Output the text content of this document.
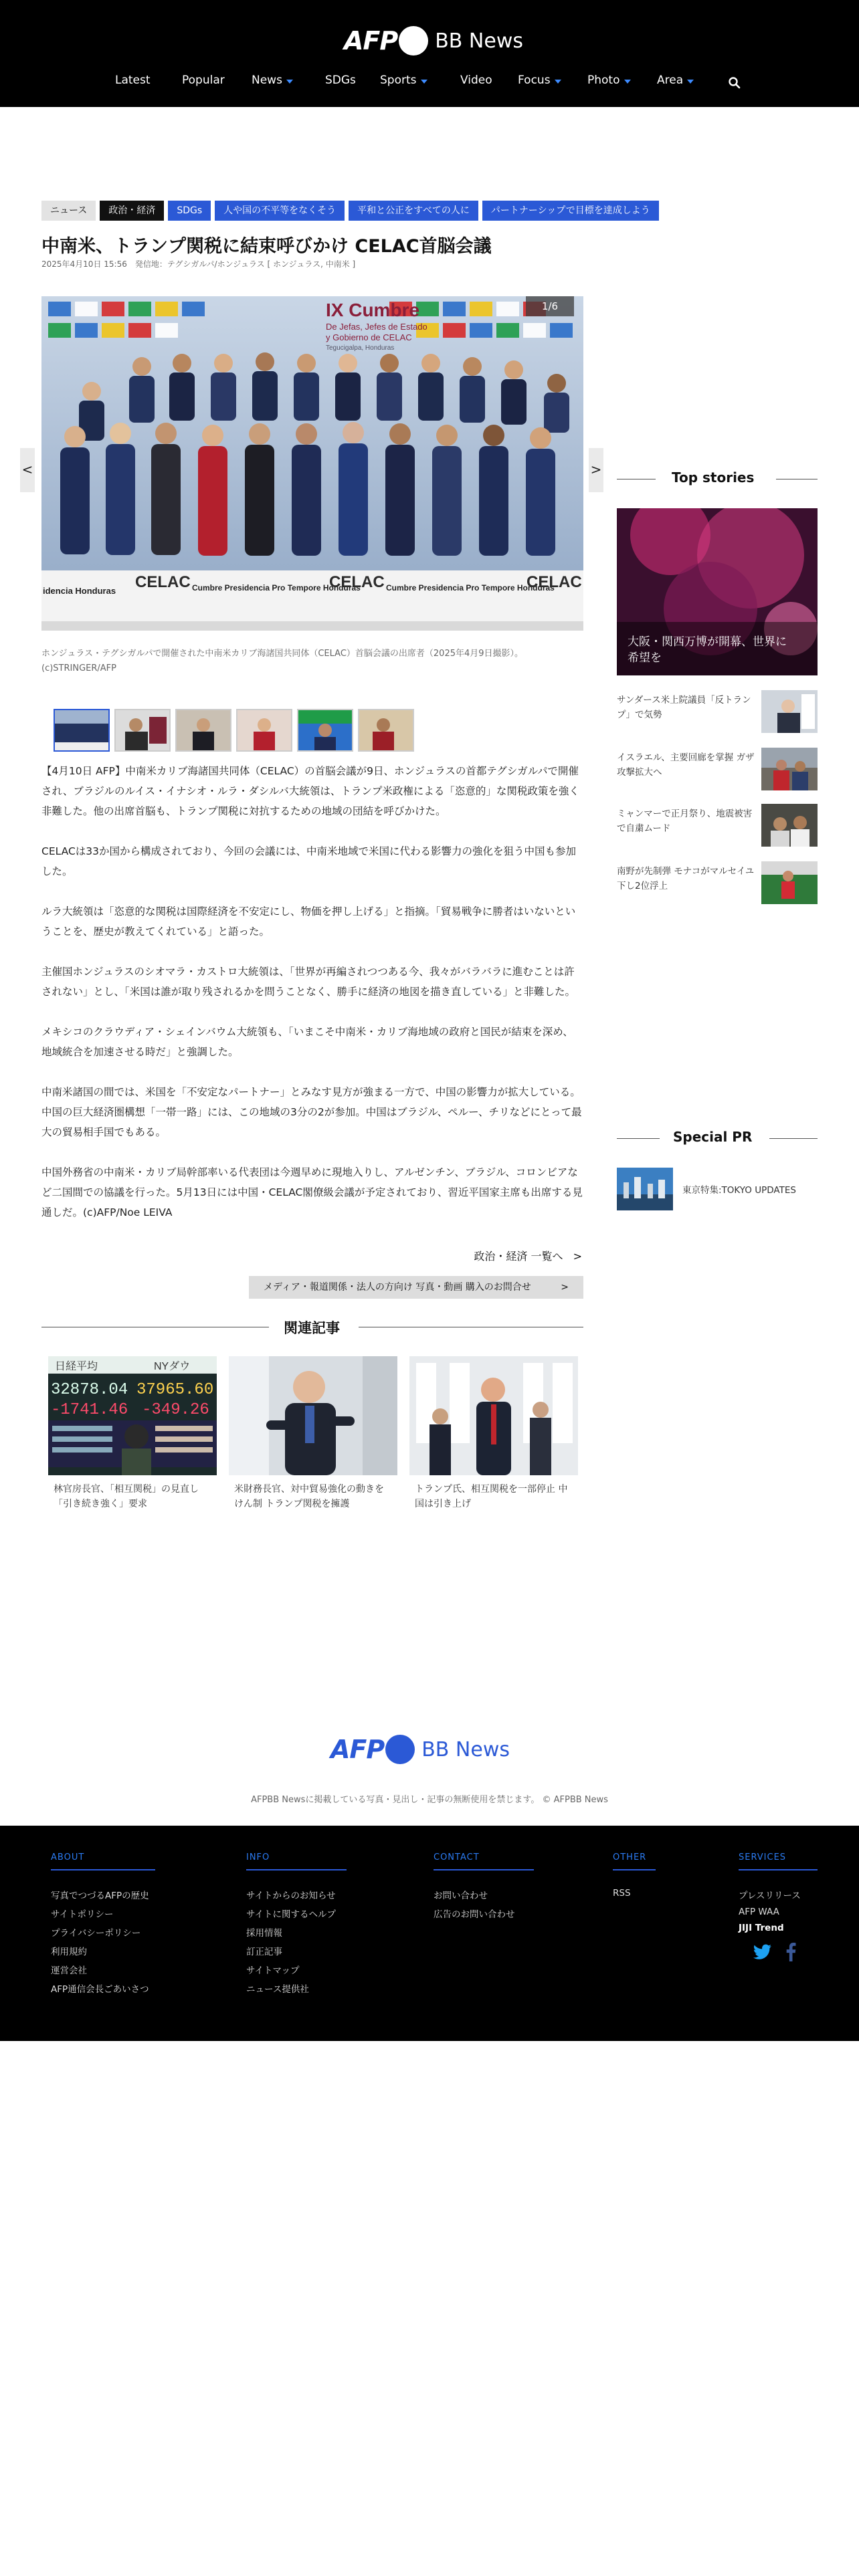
AFP BB News
Latest	Popular News	SDGs Sports	Video Focus	Photo	Area
ニュース	政治・経済	SDGs	人や国の不平等をなくそう	平和と公正をすべての人に	パートナーシップで目標を達成しよう
中南米、トランプ関税に結束呼びかけ CELAC首脳会議
2025年4月10日 15:56　発信地：テグシガルパ/ホンジュラス [ ホンジュラス, 中南米 ]
IX Cumbre
De Jefas, Jefes de Estado
y Gobierno de CELAC
Tegucigalpa, Honduras
idencia Honduras CELAC Cumbre Presidencia Pro Tempore Honduras
CELAC Cumbre Presidencia Pro Tempore Honduras
CELAC
1/6
<	>
ホンジュラス・テグシガルパで開催された中南米カリブ海諸国共同体（CELAC）首脳会議の出席者（2025年4月9日撮影）。(c)STRINGER/AFP

【4月10日 AFP】中南米カリブ海諸国共同体（CELAC）の首脳会議が9日、ホンジュラスの首都テグシガルパで開催され、ブラジルのルイス・イナシオ・ルラ・ダシルバ大統領は、トランプ米政権による「恣意的」な関税政策を強く非難した。他の出席首脳も、トランプ関税に対抗するための地域の団結を呼びかけた。

CELACは33か国から構成されており、今回の会議には、中南米地域で米国に代わる影響力の強化を狙う中国も参加した。

ルラ大統領は「恣意的な関税は国際経済を不安定にし、物価を押し上げる」と指摘。「貿易戦争に勝者はいないということを、歴史が教えてくれている」と語った。

主催国ホンジュラスのシオマラ・カストロ大統領は、「世界が再編されつつある今、我々がバラバラに進むことは許されない」とし、「米国は誰が取り残されるかを問うことなく、勝手に経済の地図を描き直している」と非難した。

メキシコのクラウディア・シェインバウム大統領も、「いまこそ中南米・カリブ海地域の政府と国民が結束を深め、地域統合を加速させる時だ」と強調した。

中南米諸国の間では、米国を「不安定なパートナー」とみなす見方が強まる一方で、中国の影響力が拡大している。中国の巨大経済圏構想「一帯一路」には、この地域の3分の2が参加。中国はブラジル、ペルー、チリなどにとって最大の貿易相手国でもある。

中国外務省の中南米・カリブ局幹部率いる代表団は今週早めに現地入りし、アルゼンチン、ブラジル、コロンビアなど二国間での協議を行った。5月13日には中国・CELAC閣僚級会議が予定されており、習近平国家主席も出席する見通しだ。(c)AFP/Noe LEIVA

政治・経済 一覧へ >
メディア・報道関係・法人の方向け 写真・動画 購入のお問合せ	>
関連記事
日経平均	NYダウ
32878.04 37965.60
-1741.46 -349.26
林官房長官、「相互関税」の見直し「引き続き強く」要求
米財務長官、対中貿易強化の動きをけん制 トランプ関税を擁護
トランプ氏、相互関税を一部停止 中国は引き上げ
Top stories
大阪・関西万博が開幕、世界に希望を
サンダース米上院議員「反トランプ」で気勢
イスラエル、主要回廊を掌握 ガザ攻撃拡大へ
ミャンマーで正月祭り、地震被害で自粛ムード
南野が先制弾 モナコがマルセイユ下し2位浮上
Special PR
東京特集:TOKYO UPDATES
AFP BB News
AFPBB Newsに掲載している写真・見出し・記事の無断使用を禁じます。 © AFPBB News
ABOUT
写真でつづるAFPの歴史
サイトポリシー
プライバシーポリシー
利用規約
運営会社
AFP通信会長ごあいさつ
INFO
サイトからのお知らせ
サイトに関するヘルプ
採用情報
訂正記事
サイトマップ
ニュース提供社
CONTACT
お問い合わせ
広告のお問い合わせ
OTHER
RSS
SERVICES
プレスリリース
AFP WAA
JIJI Trend
